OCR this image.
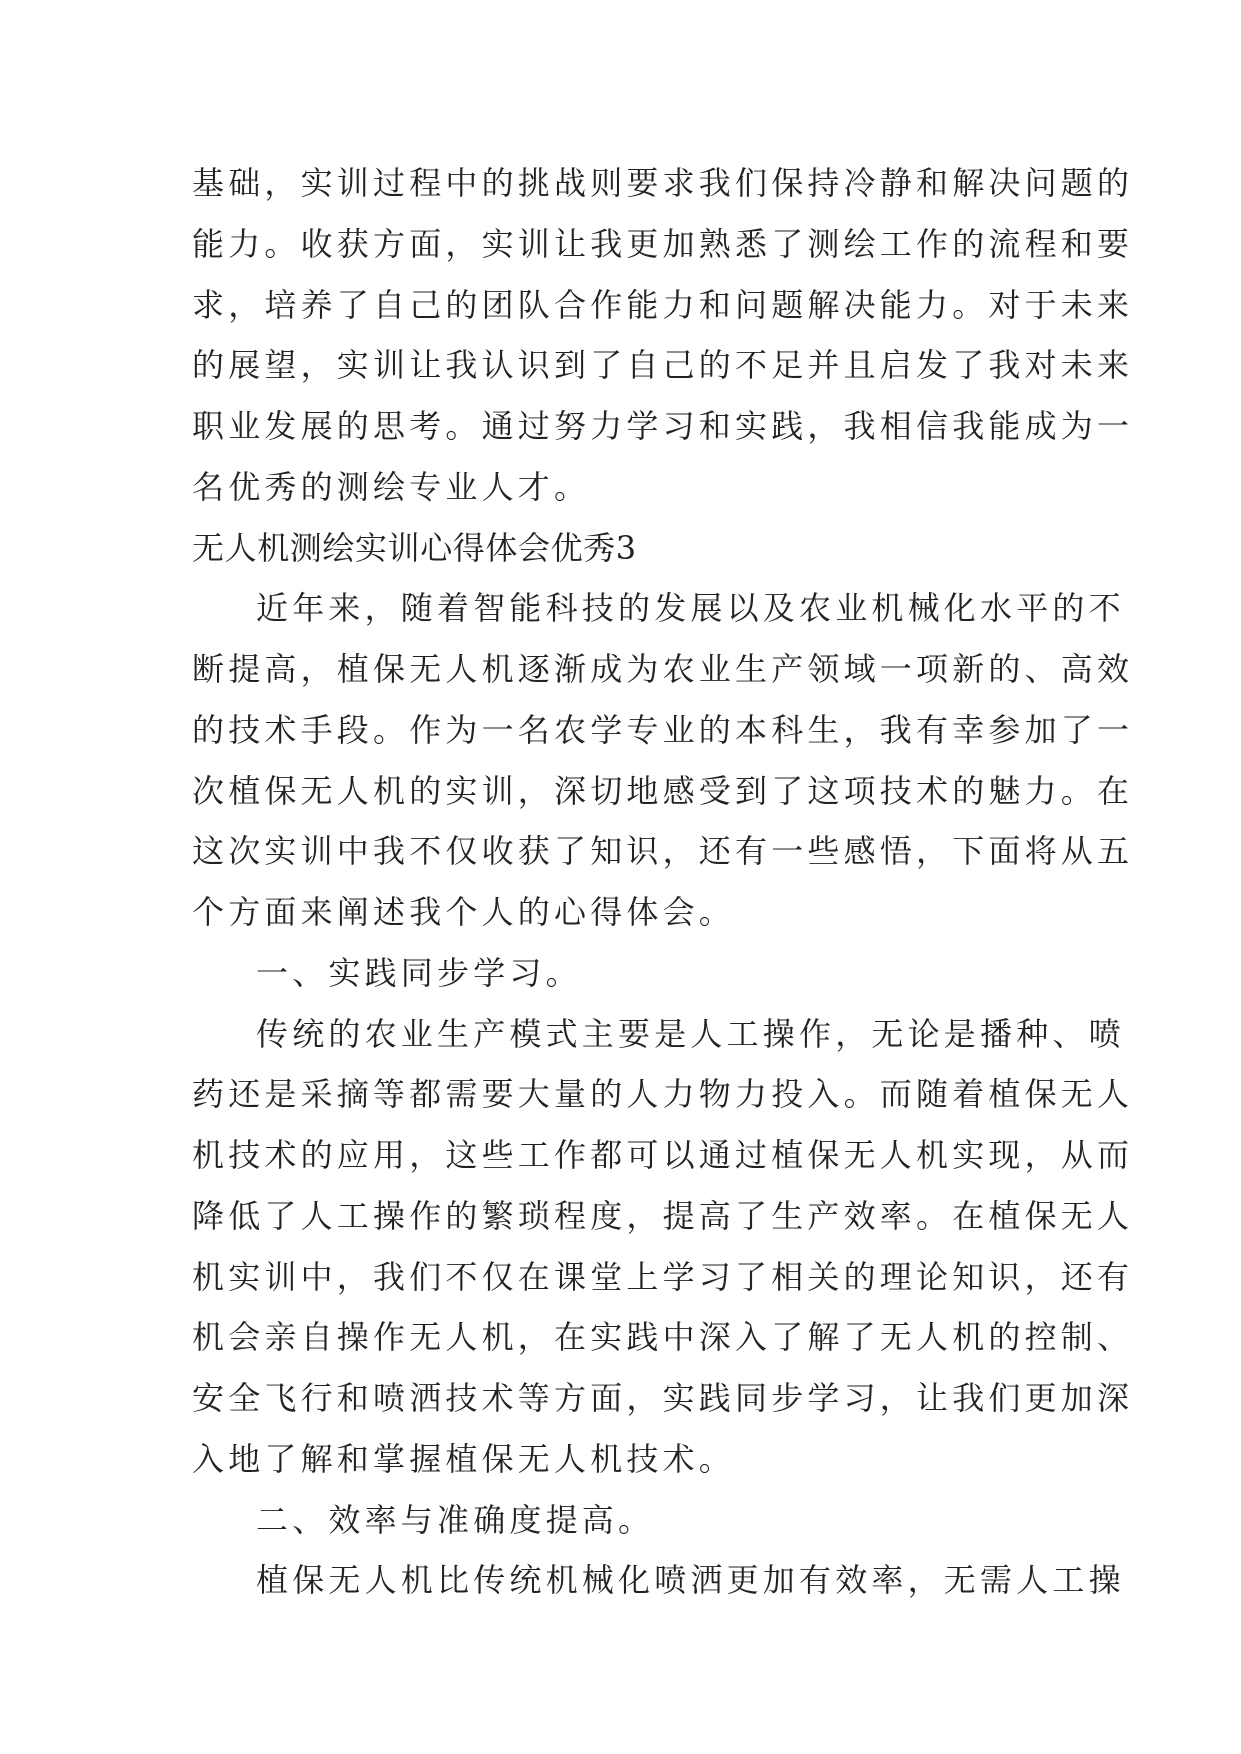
基础，实训过程中的挑战则要求我们保持冷静和解决问题的

能力。收获方面，实训让我更加熟悉了测绘工作的流程和要

求，培养了自己的团队合作能力和问题解决能力。对于未来

的展望，实训让我认识到了自己的不足并且启发了我对未来

职业发展的思考。通过努力学习和实践，我相信我能成为一

名优秀的测绘专业人才。

无人机测绘实训心得体会优秀3

近年来，随着智能科技的发展以及农业机械化水平的不

断提高，植保无人机逐渐成为农业生产领域一项新的、高效

的技术手段。作为一名农学专业的本科生，我有幸参加了一

次植保无人机的实训，深切地感受到了这项技术的魅力。在

这次实训中我不仅收获了知识，还有一些感悟，下面将从五

个方面来阐述我个人的心得体会。

一、实践同步学习。

传统的农业生产模式主要是人工操作，无论是播种、喷

药还是采摘等都需要大量的人力物力投入。而随着植保无人

机技术的应用，这些工作都可以通过植保无人机实现，从而

降低了人工操作的繁琐程度，提高了生产效率。在植保无人

机实训中，我们不仅在课堂上学习了相关的理论知识，还有

机会亲自操作无人机，在实践中深入了解了无人机的控制、

安全飞行和喷洒技术等方面，实践同步学习，让我们更加深

入地了解和掌握植保无人机技术。

二、效率与准确度提高。

植保无人机比传统机械化喷洒更加有效率，无需人工操
